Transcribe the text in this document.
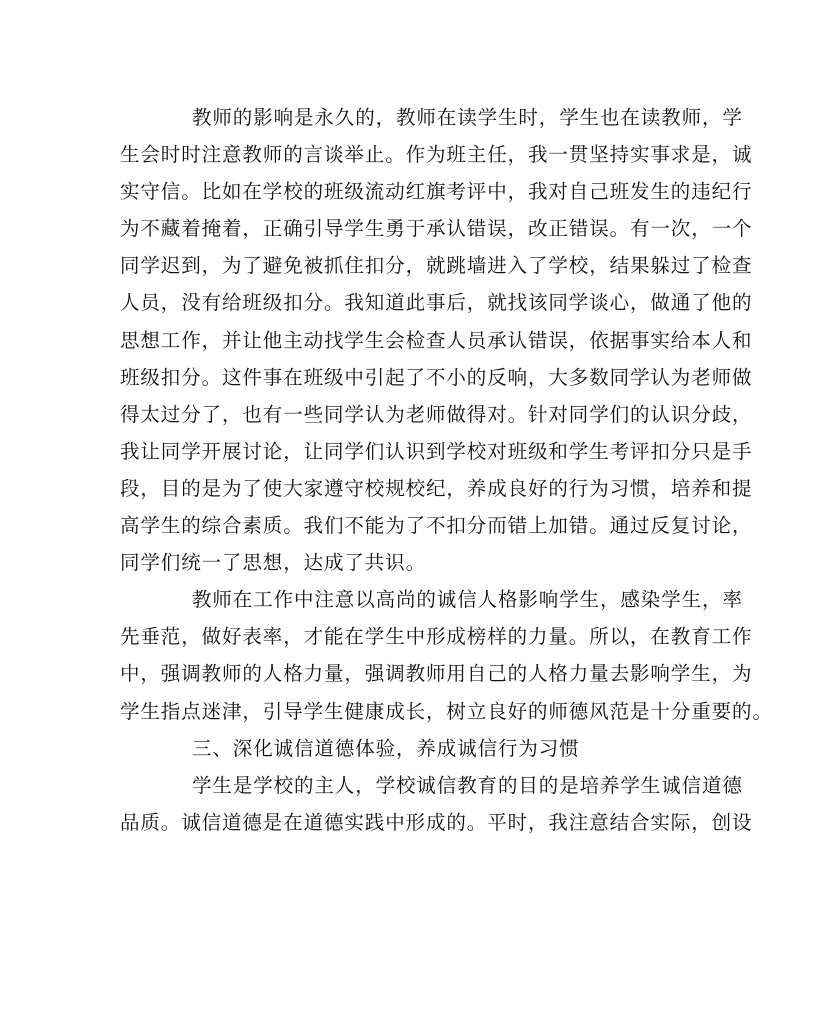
教师的影响是永久的，教师在读学生时，学生也在读教师，学
生会时时注意教师的言谈举止。作为班主任，我一贯坚持实事求是，诚
实守信。比如在学校的班级流动红旗考评中，我对自己班发生的违纪行
为不藏着掩着，正确引导学生勇于承认错误，改正错误。有一次，一个
同学迟到，为了避免被抓住扣分，就跳墙进入了学校，结果躲过了检查
人员，没有给班级扣分。我知道此事后，就找该同学谈心，做通了他的
思想工作，并让他主动找学生会检查人员承认错误，依据事实给本人和
班级扣分。这件事在班级中引起了不小的反响，大多数同学认为老师做
得太过分了，也有一些同学认为老师做得对。针对同学们的认识分歧，
我让同学开展讨论，让同学们认识到学校对班级和学生考评扣分只是手
段，目的是为了使大家遵守校规校纪，养成良好的行为习惯，培养和提
高学生的综合素质。我们不能为了不扣分而错上加错。通过反复讨论，
同学们统一了思想，达成了共识。
教师在工作中注意以高尚的诚信人格影响学生，感染学生，率
先垂范，做好表率，才能在学生中形成榜样的力量。所以，在教育工作
中，强调教师的人格力量，强调教师用自己的人格力量去影响学生，为
学生指点迷津，引导学生健康成长，树立良好的师德风范是十分重要的。
三、深化诚信道德体验，养成诚信行为习惯
学生是学校的主人，学校诚信教育的目的是培养学生诚信道德
品质。诚信道德是在道德实践中形成的。平时，我注意结合实际，创设
